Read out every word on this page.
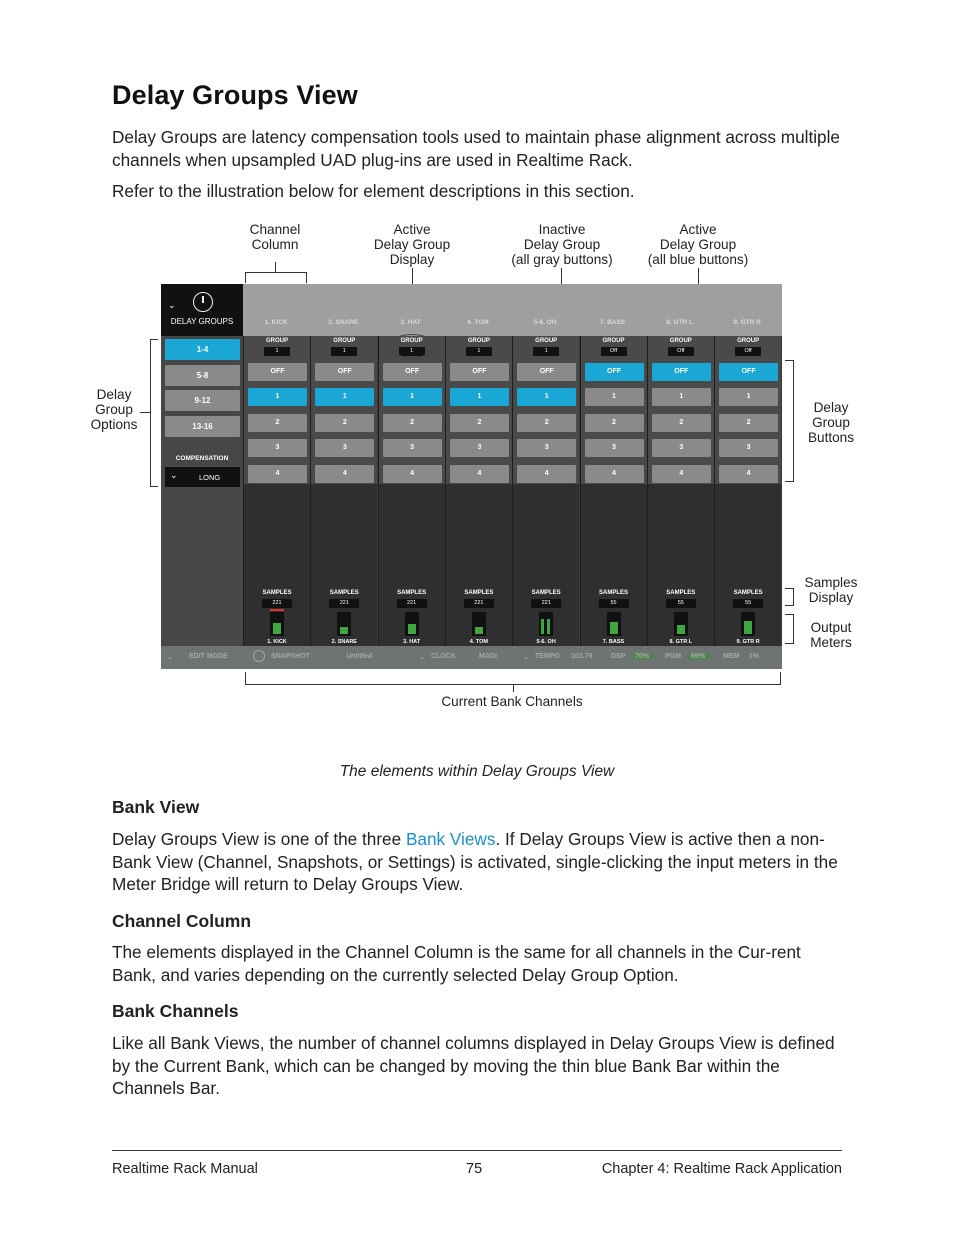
Delay Groups View

Delay Groups are latency compensation tools used to maintain phase alignment across multiple channels when upsampled UAD plug-ins are used in Realtime Rack.

Refer to the illustration below for element descriptions in this section.

Channel
Column
Active
Delay Group
Display
Inactive
Delay Group
(all gray buttons)
Active
Delay Group
(all blue buttons)
Delay
Group
Options
Delay
Group
Buttons
Samples
Display
Output
Meters
Current Bank Channels
⌄
DELAY GROUPS
1-4
5-8
9-12
13-16
COMPENSATION
⌄	LONG
GROUP
1
OFF
1
2
3
4
SAMPLES
221
1. KICK
GROUP
1
OFF
1
2
3
4
SAMPLES
221
2. SNARE
GROUP
1
OFF
1
2
3
4
SAMPLES
221
3. HAT
GROUP
1
OFF
1
2
3
4
SAMPLES
221
4. TOM
GROUP
1
OFF
1
2
3
4
SAMPLES
221
5-6. OH
GROUP
Off
OFF
1
2
3
4
SAMPLES
55
7. BASS
GROUP
Off
OFF
1
2
3
4
SAMPLES
55
8. GTR L
GROUP
Off
OFF
1
2
3
4
SAMPLES
55
9. GTR R
⌄ EDIT MODE	SNAPSHOT	Untitled	⌄ CLOCK	MADI	⌄ TEMPO 103.79	DSP	70%	PGM	69%	MEM 1%
1. KICK	2. SNARE	3. HAT	4. TOM	5-6. OH	7. BASS	8. GTR L	9. GTR R

The elements within Delay Groups View

Bank View

Delay Groups View is one of the three Bank Views. If Delay Groups View is active then a non-Bank View (Channel, Snapshots, or Settings) is activated, single-clicking the input meters in the Meter Bridge will return to Delay Groups View.

Channel Column

The elements displayed in the Channel Column is the same for all channels in the Cur-rent Bank, and varies depending on the currently selected Delay Group Option.

Bank Channels

Like all Bank Views, the number of channel columns displayed in Delay Groups View is defined by the Current Bank, which can be changed by moving the thin blue Bank Bar within the Channels Bar.

Realtime Rack Manual	75	Chapter 4: Realtime Rack Application
